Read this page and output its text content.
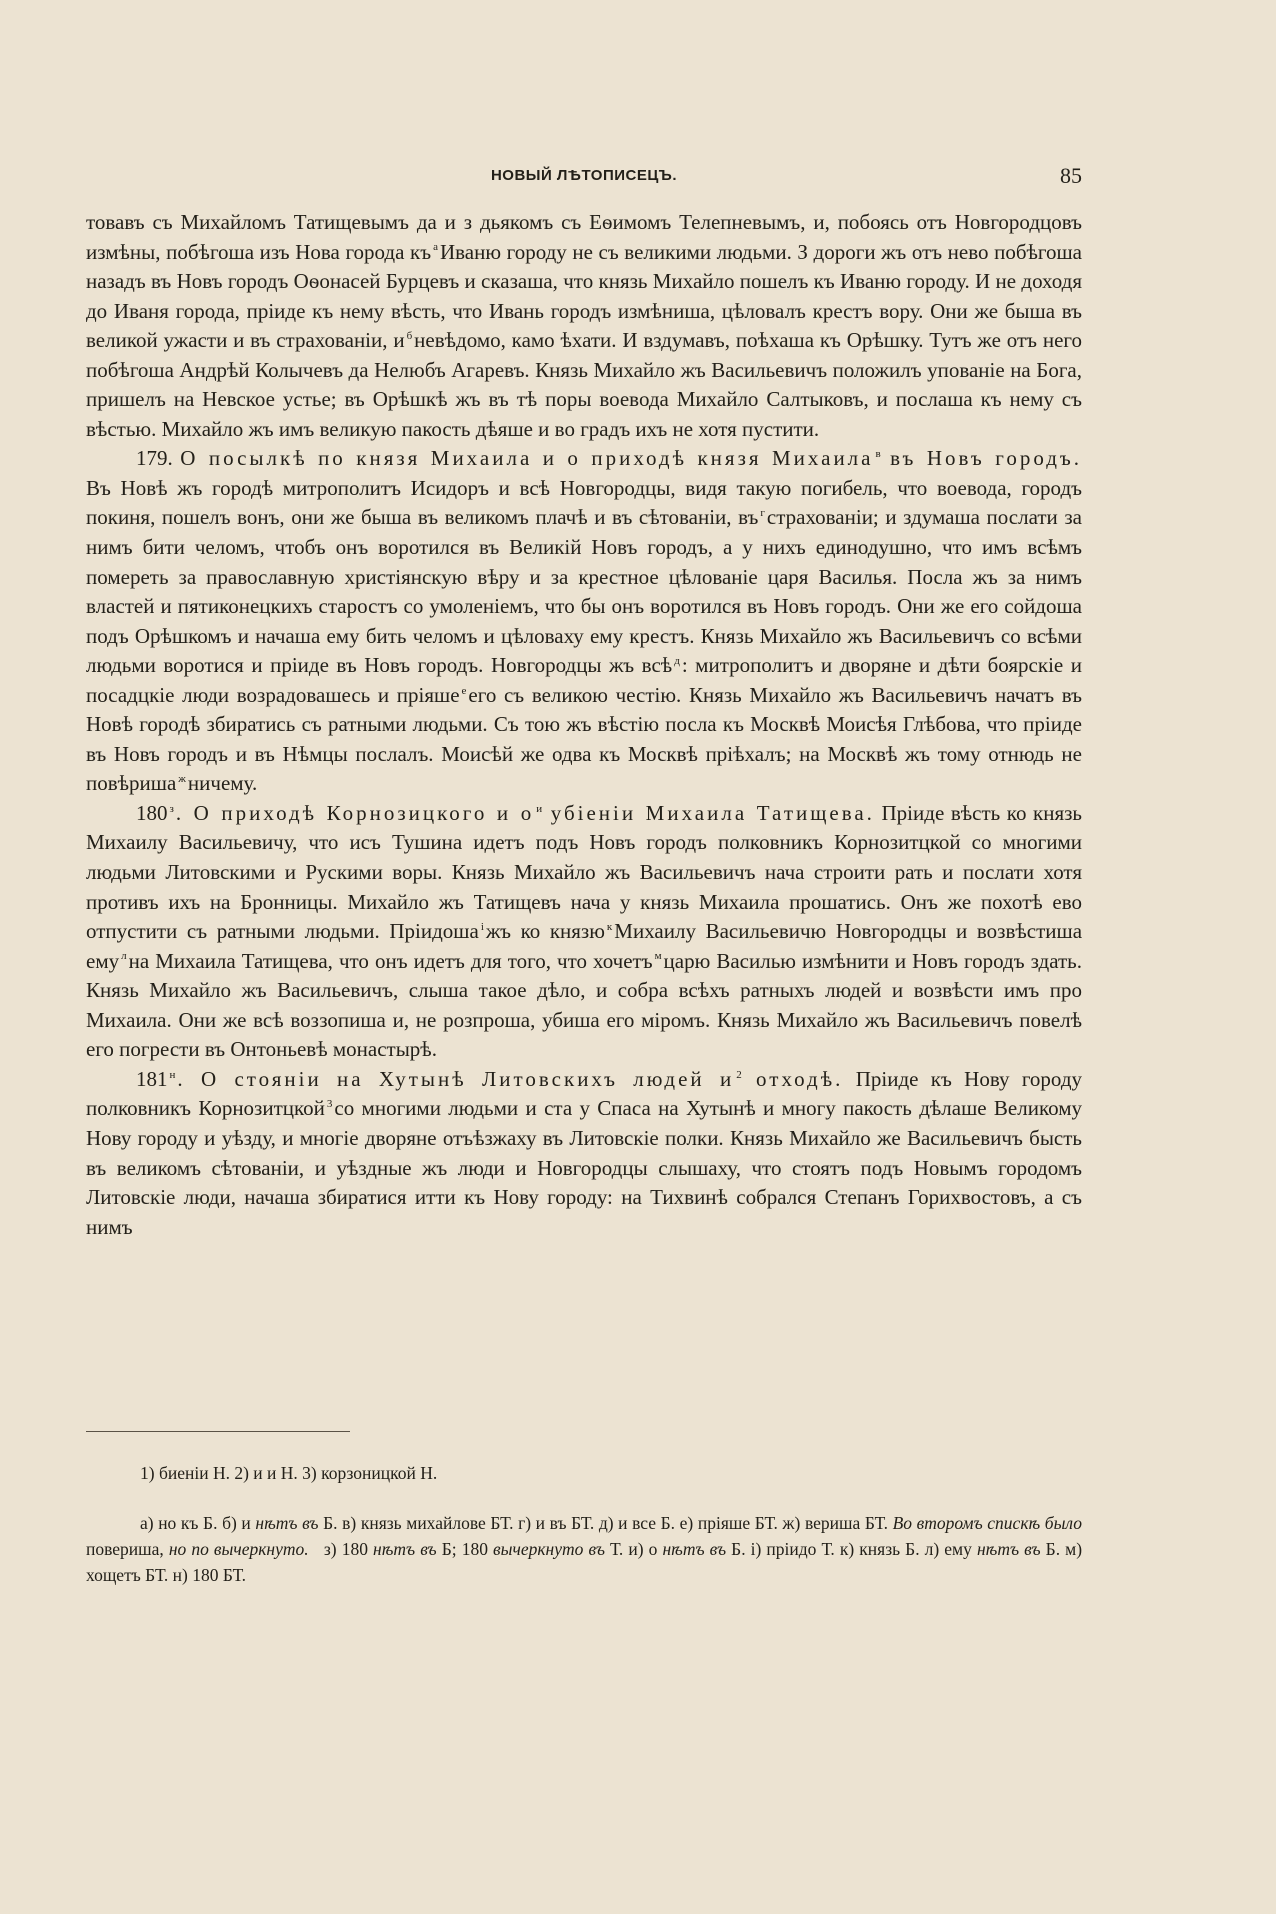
НОВЫЙ ЛѢТОПИСЕЦЪ.	85

товавъ съ Михайломъ Татищевымъ да и з дьякомъ съ Еѳимомъ Телепневымъ, и, побоясь отъ Новгородцовъ измѣны, побѣгоша изъ Нова города къ $^а$Иваню городу не съ великими людьми. З дороги жъ отъ нево побѣгоша назадъ въ Новъ городъ Оѳонасей Бурцевъ и сказаша, что князь Михайло пошелъ къ Иваню городу. И не доходя до Иваня города, пріиде къ нему вѣсть, что Ивань городъ измѣниша, цѣловалъ крестъ вору. Они же быша въ великой ужасти и въ страхованіи, и $^б$невѣдомо, камо ѣхати. И вздумавъ, поѣхаша къ Орѣшку. Тутъ же отъ него побѣгоша Андрѣй Колычевъ да Нелюбъ Агаревъ. Князь Михайло жъ Васильевичъ положилъ упованіе на Бога, пришелъ на Невское устье; въ Орѣшкѣ жъ въ тѣ поры воевода Михайло Салтыковъ, и послаша къ нему съ вѣстью. Михайло жъ имъ великую пакость дѣяше и во градъ ихъ не хотя пустити.

179. О посылкѣ по князя Михаила и о приходѣ князя Михаила $^в$ въ Новъ городъ. Въ Новѣ жъ городѣ митрополитъ Исидоръ и всѣ Новгородцы, видя такую погибель, что воевода, городъ покиня, пошелъ вонъ, они же быша въ великомъ плачѣ и въ сѣтованіи, въ $^г$страхованіи; и здумаша послати за нимъ бити челомъ, чтобъ онъ воротился въ Великій Новъ городъ, а у нихъ единодушно, что имъ всѣмъ помереть за православную христіянскую вѣру и за крестное цѣлованіе царя Василья. Посла жъ за нимъ властей и пятиконецкихъ старостъ со умоленіемъ, что бы онъ воротился въ Новъ городъ. Они же его сойдоша подъ Орѣшкомъ и начаша ему бить челомъ и цѣловаху ему крестъ. Князь Михайло жъ Васильевичъ со всѣми людьми воротися и пріиде въ Новъ городъ. Новгородцы жъ всѣ $^д$: митрополитъ и дворяне и дѣти боярскіе и посадцкіе люди возрадовашесь и пріяше $^е$его съ великою честію. Князь Михайло жъ Васильевичъ начатъ въ Новѣ городѣ збиратись съ ратными людьми. Съ тою жъ вѣстію посла къ Москвѣ Моисѣя Глѣбова, что пріиде въ Новъ городъ и въ Нѣмцы послалъ. Моисѣй же одва къ Москвѣ пріѣхалъ; на Москвѣ жъ тому отнюдь не повѣриша $^ж$ничему.

180 $^з$. О приходѣ Корнозицкого и о $^и$ убіеніи Михаила Татищева. Пріиде вѣсть ко князь Михаилу Васильевичу, что исъ Тушина идетъ подъ Новъ городъ полковникъ Корнозитцкой со многими людьми Литовскими и Рускими воры. Князь Михайло жъ Васильевичъ нача строити рать и послати хотя противъ ихъ на Бронницы. Михайло жъ Татищевъ нача у князь Михаила прошатись. Онъ же похотѣ ево отпустити съ ратными людьми. Пріидоша $^і$жъ ко князю $^к$Михаилу Васильевичю Новгородцы и возвѣстиша ему $^л$на Михаила Татищева, что онъ идетъ для того, что хочетъ $^м$царю Василью измѣнити и Новъ городъ здать. Князь Михайло жъ Васильевичъ, слыша такое дѣло, и собра всѣхъ ратныхъ людей и возвѣсти имъ про Михаила. Они же всѣ воззопиша и, не розпроша, убиша его міромъ. Князь Михайло жъ Васильевичъ повелѣ его погрести въ Онтоньевѣ монастырѣ.

181 $^н$. О стояніи на Хутынѣ Литовскихъ людей и $^2$ отходѣ. Пріиде къ Нову городу полковникъ Корнозитцкой $^3$со многими людьми и ста у Спаса на Хутынѣ и многу пакость дѣлаше Великому Нову городу и уѣзду, и многіе дворяне отъѣзжаху въ Литовскіе полки. Князь Михайло же Васильевичъ бысть въ великомъ сѣтованіи, и уѣздные жъ люди и Новгородцы слышаху, что стоятъ подъ Новымъ городомъ Литовскіе люди, начаша збиратися итти къ Нову городу: на Тихвинѣ собрался Степанъ Горихвостовъ, а съ нимъ

1) биеніи Н. 2) и и Н. 3) корзоницкой Н.

а) но къ Б. б) и нѣтъ въ Б. в) князь михайлове БТ. г) и въ БТ. д) и все Б. е) пріяше БТ. ж) вериша БТ. Во второмъ спискѣ было повериша, но по вычеркнуто. з) 180 нѣтъ въ Б; 180 вычеркнуто въ Т. и) о нѣтъ въ Б. і) пріидо Т. к) князь Б. л) ему нѣтъ въ Б. м) хощетъ БТ. н) 180 БТ.
